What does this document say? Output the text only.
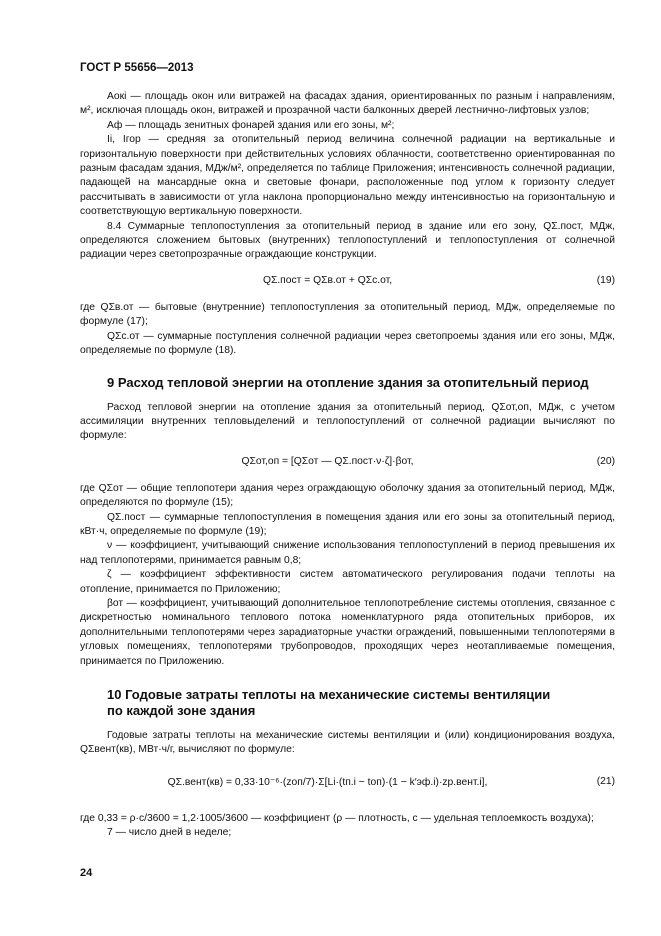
ГОСТ Р 55656—2013

Aокi — площадь окон или витражей на фасадах здания, ориентированных по разным i направлениям, м², исключая площадь окон, витражей и прозрачной части балконных дверей лестнично-лифтовых узлов;

Aф — площадь зенитных фонарей здания или его зоны, м²;

Ii, Iгор — средняя за отопительный период величина солнечной радиации на вертикальные и горизонтальную поверхности при действительных условиях облачности, соответственно ориентированная по разным фасадам здания, МДж/м², определяется по таблице Приложения; интенсивность солнечной радиации, падающей на мансардные окна и световые фонари, расположенные под углом к горизонту следует рассчитывать в зависимости от угла наклона пропорционально между интенсивностью на горизонтальную и соответствующую вертикальную поверхности.

8.4 Суммарные теплопоступления за отопительный период в здание или его зону, QΣ.пост, МДж, определяются сложением бытовых (внутренних) теплопоступлений и теплопоступления от солнечной радиации через светопрозрачные ограждающие конструкции.

QΣ.пост = QΣв.от + QΣс.от,	(19)

где QΣв.от — бытовые (внутренние) теплопоступления за отопительный период, МДж, определяемые по формуле (17);

QΣс.от — суммарные поступления солнечной радиации через светопроемы здания или его зоны, МДж, определяемые по формуле (18).

9 Расход тепловой энергии на отопление здания за отопительный период

Расход тепловой энергии на отопление здания за отопительный период, QΣот,оп, МДж, с учетом ассимиляции внутренних тепловыделений и теплопоступлений от солнечной радиации вычисляют по формуле:

QΣот,оп = [QΣот — QΣ.пост·ν·ζ]·βот,	(20)

где QΣот — общие теплопотери здания через ограждающую оболочку здания за отопительный период, МДж, определяются по формуле (15);

QΣ.пост — суммарные теплопоступления в помещения здания или его зоны за отопительный период, кВт·ч, определяемые по формуле (19);

ν — коэффициент, учитывающий снижение использования теплопоступлений в период превышения их над теплопотерями, принимается равным 0,8;

ζ — коэффициент эффективности систем автоматического регулирования подачи теплоты на отопление, принимается по Приложению;

βот — коэффициент, учитывающий дополнительное теплопотребление системы отопления, связанное с дискретностью номинального теплового потока номенклатурного ряда отопительных приборов, их дополнительными теплопотерями через зарадиаторные участки ограждений, повышенными теплопотерями в угловых помещениях, теплопотерями трубопроводов, проходящих через неотапливаемые помещения, принимается по Приложению.

10 Годовые затраты теплоты на механические системы вентиляции
по каждой зоне здания

Годовые затраты теплоты на механические системы вентиляции и (или) кондиционирования воздуха, QΣвент(кв), МВт·ч/г, вычисляют по формуле:

QΣ.вент(кв) = 0,33·10⁻⁶·(zоп/7)·Σ[Li·(tп.i − tоп)·(1 − k′эф.i)·zр.вент.i],	(21)

где 0,33 = ρ·c/3600 = 1,2·1005/3600 — коэффициент (ρ — плотность, c — удельная теплоемкость воздуха);

7 — число дней в неделе;

24
